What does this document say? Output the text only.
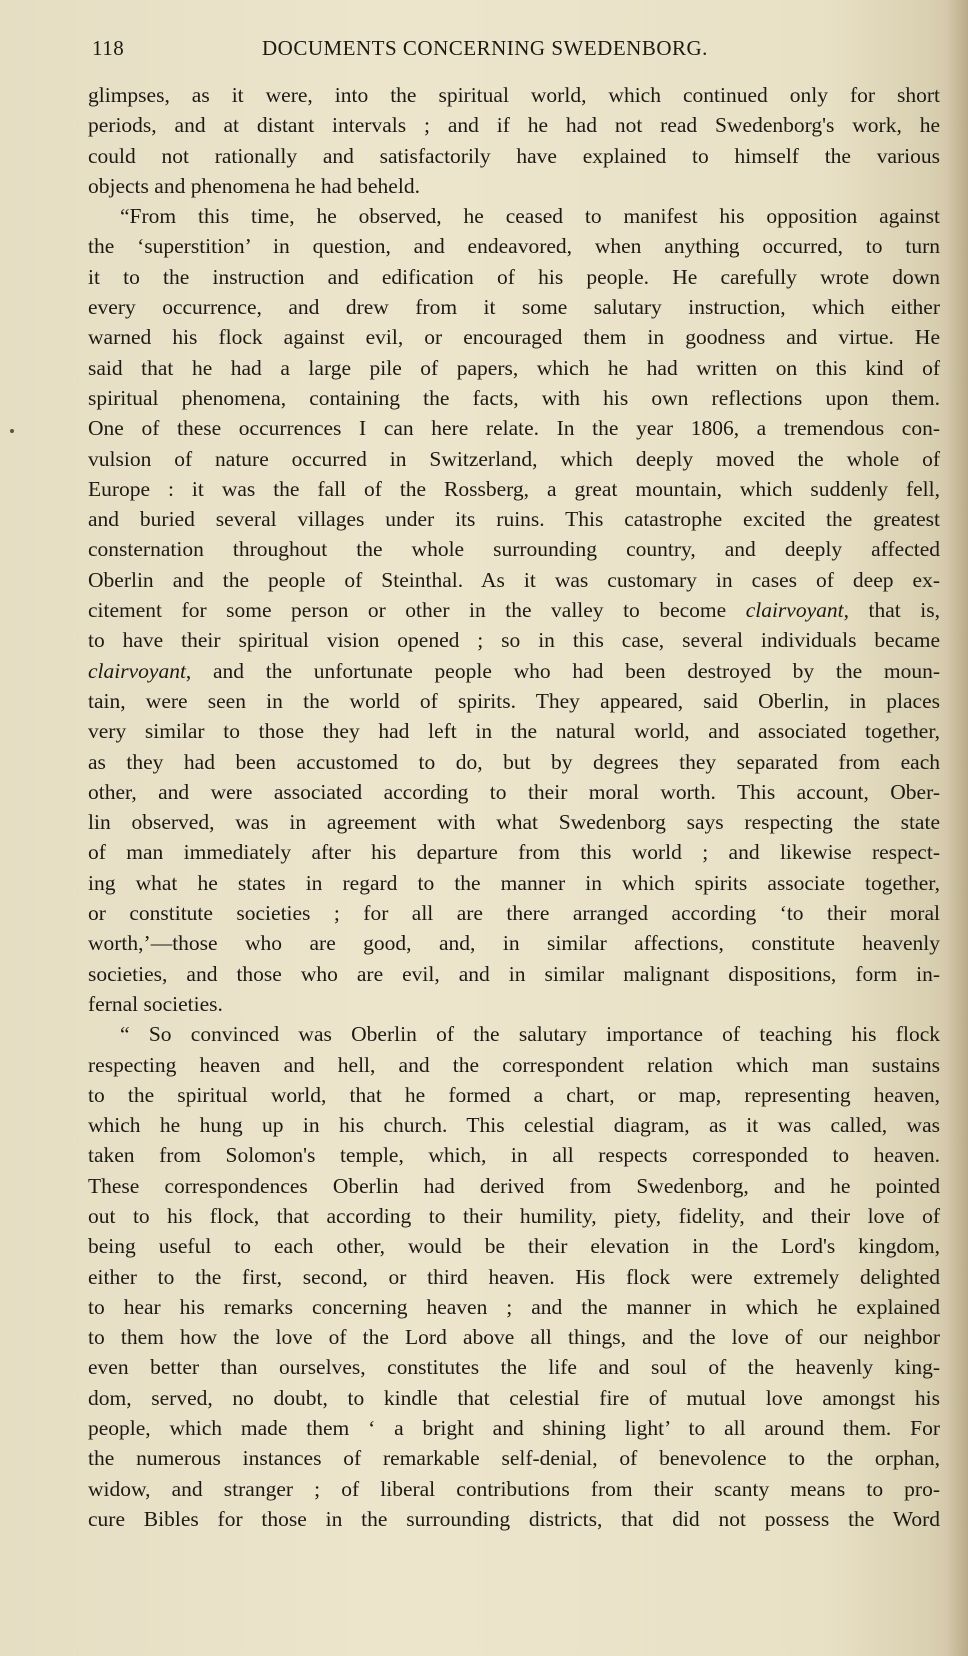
118	DOCUMENTS CONCERNING SWEDENBORG.
glimpses, as it were, into the spiritual world, which continued only for short
periods, and at distant intervals ; and if he had not read Swedenborg's work, he
could not rationally and satisfactorily have explained to himself the various
objects and phenomena he had beheld.
“From this time, he observed, he ceased to manifest his opposition against
the ‘superstition’ in question, and endeavored, when anything occurred, to turn
it to the instruction and edification of his people. He carefully wrote down
every occurrence, and drew from it some salutary instruction, which either
warned his flock against evil, or encouraged them in goodness and virtue. He
said that he had a large pile of papers, which he had written on this kind of
spiritual phenomena, containing the facts, with his own reflections upon them.
One of these occurrences I can here relate. In the year 1806, a tremendous con-
vulsion of nature occurred in Switzerland, which deeply moved the whole of
Europe : it was the fall of the Rossberg, a great mountain, which suddenly fell,
and buried several villages under its ruins. This catastrophe excited the greatest
consternation throughout the whole surrounding country, and deeply affected
Oberlin and the people of Steinthal. As it was customary in cases of deep ex-
citement for some person or other in the valley to become clairvoyant, that is,
to have their spiritual vision opened ; so in this case, several individuals became
clairvoyant, and the unfortunate people who had been destroyed by the moun-
tain, were seen in the world of spirits. They appeared, said Oberlin, in places
very similar to those they had left in the natural world, and associated together,
as they had been accustomed to do, but by degrees they separated from each
other, and were associated according to their moral worth. This account, Ober-
lin observed, was in agreement with what Swedenborg says respecting the state
of man immediately after his departure from this world ; and likewise respect-
ing what he states in regard to the manner in which spirits associate together,
or constitute societies ; for all are there arranged according ‘to their moral
worth,’—those who are good, and, in similar affections, constitute heavenly
societies, and those who are evil, and in similar malignant dispositions, form in-
fernal societies.
“ So convinced was Oberlin of the salutary importance of teaching his flock
respecting heaven and hell, and the correspondent relation which man sustains
to the spiritual world, that he formed a chart, or map, representing heaven,
which he hung up in his church. This celestial diagram, as it was called, was
taken from Solomon's temple, which, in all respects corresponded to heaven.
These correspondences Oberlin had derived from Swedenborg, and he pointed
out to his flock, that according to their humility, piety, fidelity, and their love of
being useful to each other, would be their elevation in the Lord's kingdom,
either to the first, second, or third heaven. His flock were extremely delighted
to hear his remarks concerning heaven ; and the manner in which he explained
to them how the love of the Lord above all things, and the love of our neighbor
even better than ourselves, constitutes the life and soul of the heavenly king-
dom, served, no doubt, to kindle that celestial fire of mutual love amongst his
people, which made them ‘ a bright and shining light’ to all around them. For
the numerous instances of remarkable self-denial, of benevolence to the orphan,
widow, and stranger ; of liberal contributions from their scanty means to pro-
cure Bibles for those in the surrounding districts, that did not possess the Word
